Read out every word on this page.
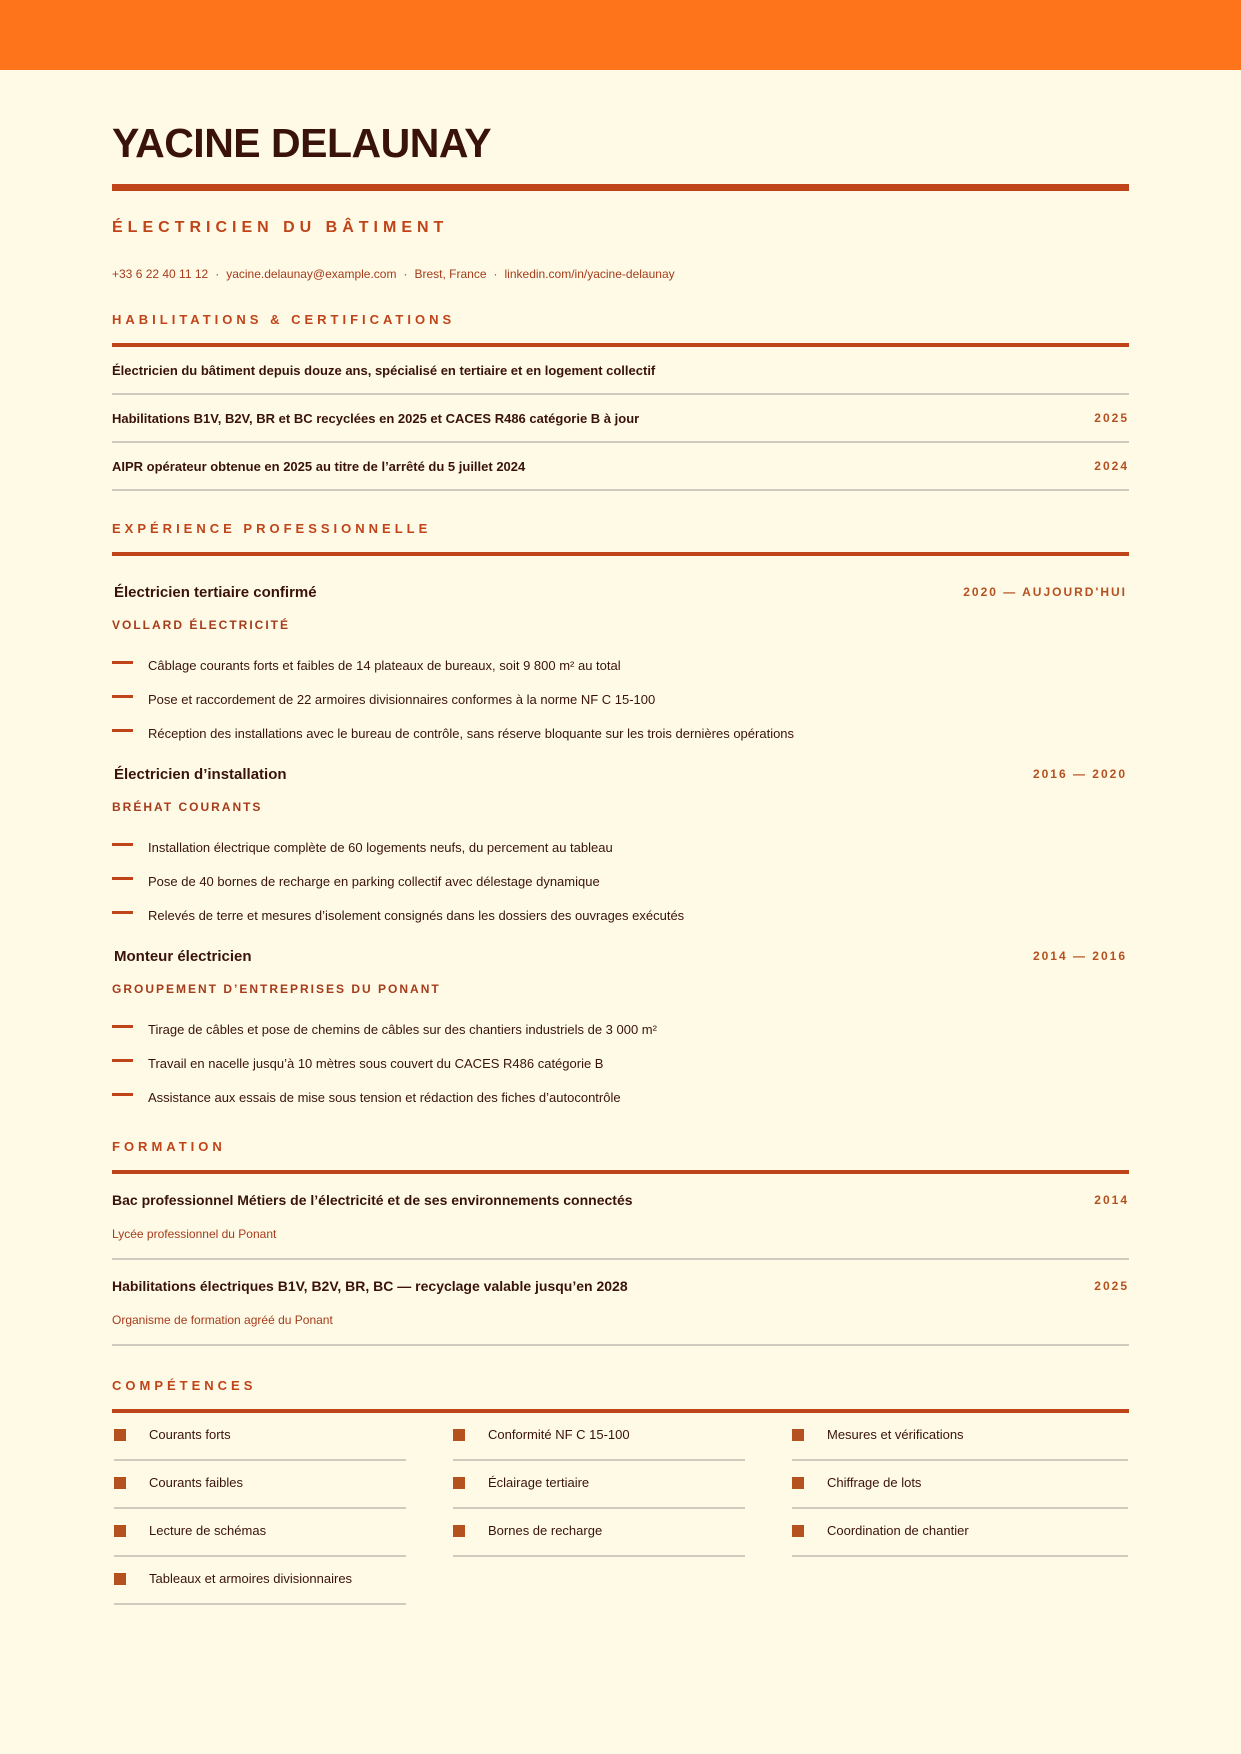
YACINE DELAUNAY
ÉLECTRICIEN DU BÂTIMENT
+33 6 22 40 11 12 · yacine.delaunay@example.com · Brest, France · linkedin.com/in/yacine-delaunay
HABILITATIONS & CERTIFICATIONS
Électricien du bâtiment depuis douze ans, spécialisé en tertiaire et en logement collectif
Habilitations B1V, B2V, BR et BC recyclées en 2025 et CACES R486 catégorie B à jour	2025
AIPR opérateur obtenue en 2025 au titre de l’arrêté du 5 juillet 2024	2024
EXPÉRIENCE PROFESSIONNELLE
Électricien tertiaire confirmé	2020 — AUJOURD'HUI
VOLLARD ÉLECTRICITÉ
Câblage courants forts et faibles de 14 plateaux de bureaux, soit 9 800 m² au total
Pose et raccordement de 22 armoires divisionnaires conformes à la norme NF C 15-100
Réception des installations avec le bureau de contrôle, sans réserve bloquante sur les trois dernières opérations
Électricien d’installation	2016 — 2020
BRÉHAT COURANTS
Installation électrique complète de 60 logements neufs, du percement au tableau
Pose de 40 bornes de recharge en parking collectif avec délestage dynamique
Relevés de terre et mesures d’isolement consignés dans les dossiers des ouvrages exécutés
Monteur électricien	2014 — 2016
GROUPEMENT D’ENTREPRISES DU PONANT
Tirage de câbles et pose de chemins de câbles sur des chantiers industriels de 3 000 m²
Travail en nacelle jusqu’à 10 mètres sous couvert du CACES R486 catégorie B
Assistance aux essais de mise sous tension et rédaction des fiches d’autocontrôle
FORMATION
Bac professionnel Métiers de l’électricité et de ses environnements connectés	2014
Lycée professionnel du Ponant
Habilitations électriques B1V, B2V, BR, BC — recyclage valable jusqu’en 2028	2025
Organisme de formation agréé du Ponant
COMPÉTENCES
Courants forts	Conformité NF C 15-100	Mesures et vérifications
Courants faibles	Éclairage tertiaire	Chiffrage de lots
Lecture de schémas	Bornes de recharge	Coordination de chantier
Tableaux et armoires divisionnaires
